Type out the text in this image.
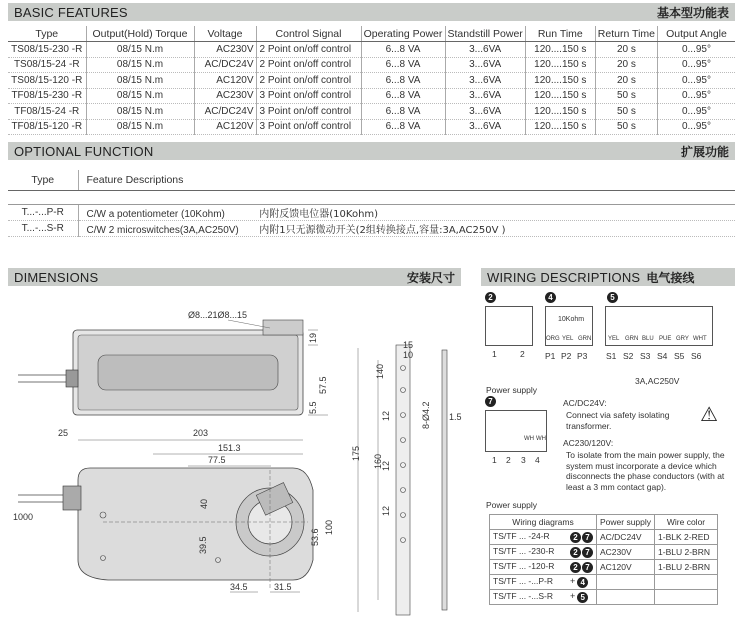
BASIC FEATURES	基本型功能表
Type	Output(Hold) Torque	Voltage	Control Signal	Operating Power	Standstill Power	Run Time	Return Time	Output Angle
TS08/15-230 -R	08/15 N.m	AC230V	2 Point on/off control	6...8 VA	3...6VA	120....150 s	20 s	0...95°
TS08/15-24 -R	08/15 N.m	AC/DC24V	2 Point on/off control	6...8 VA	3...6VA	120....150 s	20 s	0...95°
TS08/15-120 -R	08/15 N.m	AC120V	2 Point on/off control	6...8 VA	3...6VA	120....150 s	20 s	0...95°
TF08/15-230 -R	08/15 N.m	AC230V	3 Point on/off control	6...8 VA	3...6VA	120....150 s	50 s	0...95°
TF08/15-24 -R	08/15 N.m	AC/DC24V	3 Point on/off control	6...8 VA	3...6VA	120....150 s	50 s	0...95°
TF08/15-120 -R	08/15 N.m	AC120V	3 Point on/off control	6...8 VA	3...6VA	120....150 s	50 s	0...95°
OPTIONAL FUNCTION	扩展功能
Type	Feature Descriptions

T...-...P-R	C/W a potentiometer (10Kohm) 内附反馈电位器(10Kohm)
T...-...S-R	C/W 2 microswitches(3A,AC250V) 内附1只无源微动开关(2组转换接点,容量:3A,AC250V )
DIMENSIONS	安装尺寸
Ø8...21Ø8...15
19
57.5
5.5
25	203
151.3
77.5
1000
40
39.5	53.6
100
34.5	31.5
15
10
140
12
12
12
8-Ø4.2
175
160
1.5
WIRING DESCRIPTIONS 电气接线
2
1	2
Power supply
4
10Kohm
ORG YEL GRN
P1 P2 P3
5
YEL GRN BLU PUE GRY WHT
S1 S2 S3 S4 S5 S6
3A,AC250V
7
WH WH
1 2 3 4
Power supply
AC/DC24V:
Connect via safety isolating transformer.	⚠
AC230/120V:
To isolate from the main power supply, the system must incorporate a device which disconnects the phase conductors (with at least a 3 mm contact gap).
Wiring diagrams	Power supply	Wire color
TS/TF ... -24-R 2 7	AC/DC24V	1-BLK 2-RED
TS/TF ... -230-R 2 7	AC230V	1-BLU 2-BRN
TS/TF ... -120-R 2 7	AC120V	1-BLU 2-BRN
TS/TF ... -...P-R + 4		
TS/TF ... -...S-R + 5		
